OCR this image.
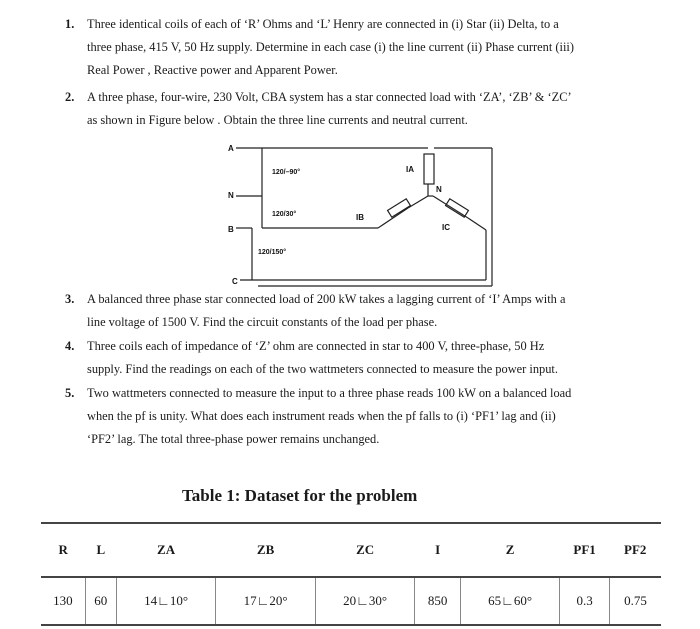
1. Three identical coils of each of ‘R’ Ohms and ‘L’ Henry are connected in (i) Star (ii) Delta, to a
three phase, 415 V, 50 Hz supply. Determine in each case (i) the line current (ii) Phase current (iii)
Real Power , Reactive power and Apparent Power.
2. A three phase, four-wire, 230 Volt, CBA system has a star connected load with ‘ZA’, ‘ZB’ & ‘ZC’
as shown in Figure below . Obtain the three line currents and neutral current.
A
N
B
C
N
120/–90°
120/30°
120/150°
IA
IB
IC
3. A balanced three phase star connected load of 200 kW takes a lagging current of ‘I’ Amps with a
line voltage of 1500 V. Find the circuit constants of the load per phase.
4. Three coils each of impedance of ‘Z’ ohm are connected in star to 400 V, three-phase, 50 Hz
supply. Find the readings on each of the two wattmeters connected to measure the power input.
5. Two wattmeters connected to measure the input to a three phase reads 100 kW on a balanced load
when the pf is unity. What does each instrument reads when the pf falls to (i) ‘PF1’ lag and (ii)
‘PF2’ lag. The total three-phase power remains unchanged.
Table 1: Dataset for the problem
R	L	ZA	ZB	ZC	I	Z	PF1	PF2
130	60	14∟10°	17∟20°	20∟30°	850	65∟60°	0.3	0.75
